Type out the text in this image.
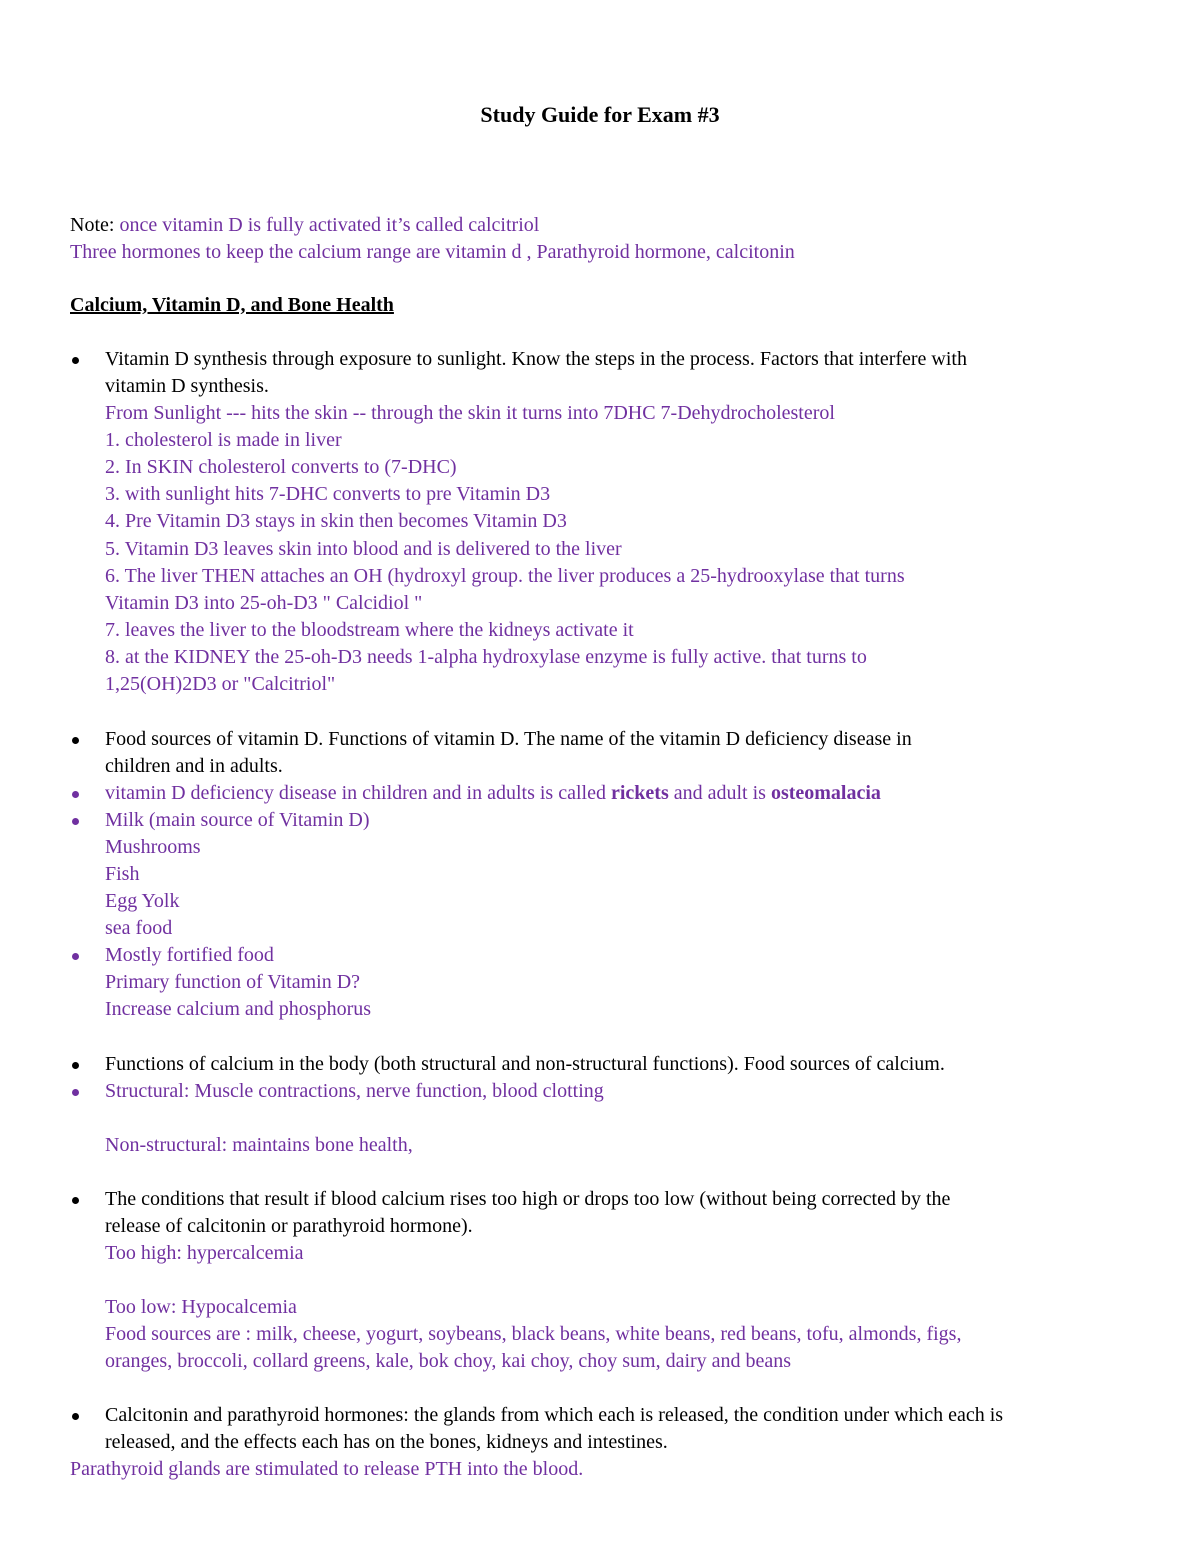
Study Guide for Exam #3
Note: once vitamin D is fully activated it’s called calcitriol
Three hormones to keep the calcium range are vitamin d , Parathyroid hormone, calcitonin
Calcium, Vitamin D, and Bone Health
Vitamin D synthesis through exposure to sunlight. Know the steps in the process. Factors that interfere with
vitamin D synthesis.
From Sunlight --- hits the skin -- through the skin it turns into 7DHC 7-Dehydrocholesterol
1. cholesterol is made in liver
2. In SKIN cholesterol converts to (7-DHC)
3. with sunlight hits 7-DHC converts to pre Vitamin D3
4. Pre Vitamin D3 stays in skin then becomes Vitamin D3
5. Vitamin D3 leaves skin into blood and is delivered to the liver
6. The liver THEN attaches an OH (hydroxyl group. the liver produces a 25-hydrooxylase that turns
Vitamin D3 into 25-oh-D3 " Calcidiol "
7. leaves the liver to the bloodstream where the kidneys activate it
8. at the KIDNEY the 25-oh-D3 needs 1-alpha hydroxylase enzyme is fully active. that turns to
1,25(OH)2D3 or "Calcitriol"
Food sources of vitamin D. Functions of vitamin D. The name of the vitamin D deficiency disease in
children and in adults.
vitamin D deficiency disease in children and in adults is called rickets and adult is osteomalacia
Milk (main source of Vitamin D)
Mushrooms
Fish
Egg Yolk
sea food
Mostly fortified food
Primary function of Vitamin D?
Increase calcium and phosphorus
Functions of calcium in the body (both structural and non-structural functions). Food sources of calcium.
Structural: Muscle contractions, nerve function, blood clotting
Non-structural: maintains bone health,
The conditions that result if blood calcium rises too high or drops too low (without being corrected by the
release of calcitonin or parathyroid hormone).
Too high: hypercalcemia
Too low: Hypocalcemia
Food sources are : milk, cheese, yogurt, soybeans, black beans, white beans, red beans, tofu, almonds, figs,
oranges, broccoli, collard greens, kale, bok choy, kai choy, choy sum, dairy and beans
Calcitonin and parathyroid hormones: the glands from which each is released, the condition under which each is
released, and the effects each has on the bones, kidneys and intestines.
Parathyroid glands are stimulated to release PTH into the blood.
